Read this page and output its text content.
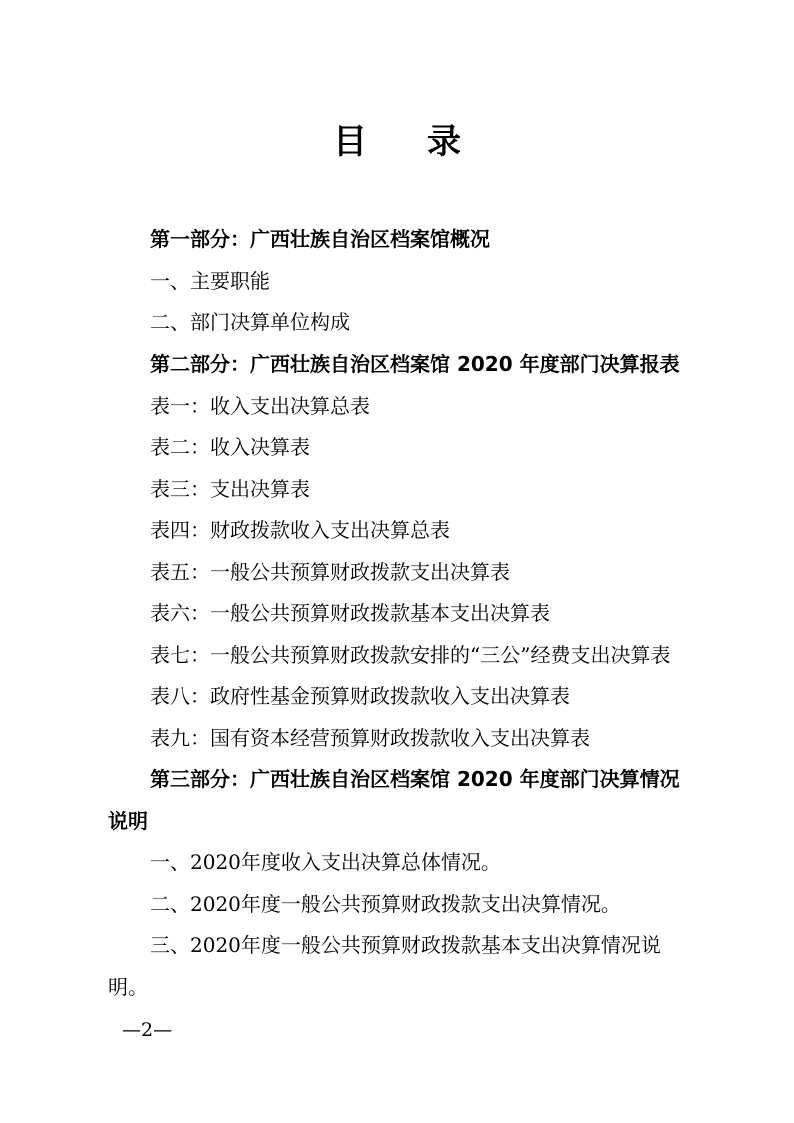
目录
第一部分：广西壮族自治区档案馆概况
一、主要职能
二、部门决算单位构成
第二部分：广西壮族自治区档案馆 2020 年度部门决算报表
表一：收入支出决算总表
表二：收入决算表
表三：支出决算表
表四：财政拨款收入支出决算总表
表五：一般公共预算财政拨款支出决算表
表六：一般公共预算财政拨款基本支出决算表
表七：一般公共预算财政拨款安排的“三公”经费支出决算表
表八：政府性基金预算财政拨款收入支出决算表
表九：国有资本经营预算财政拨款收入支出决算表
第三部分：广西壮族自治区档案馆 2020 年度部门决算情况
说明
一、2020年度收入支出决算总体情况。
二、2020年度一般公共预算财政拨款支出决算情况。
三、2020年度一般公共预算财政拨款基本支出决算情况说
明。
—2—
